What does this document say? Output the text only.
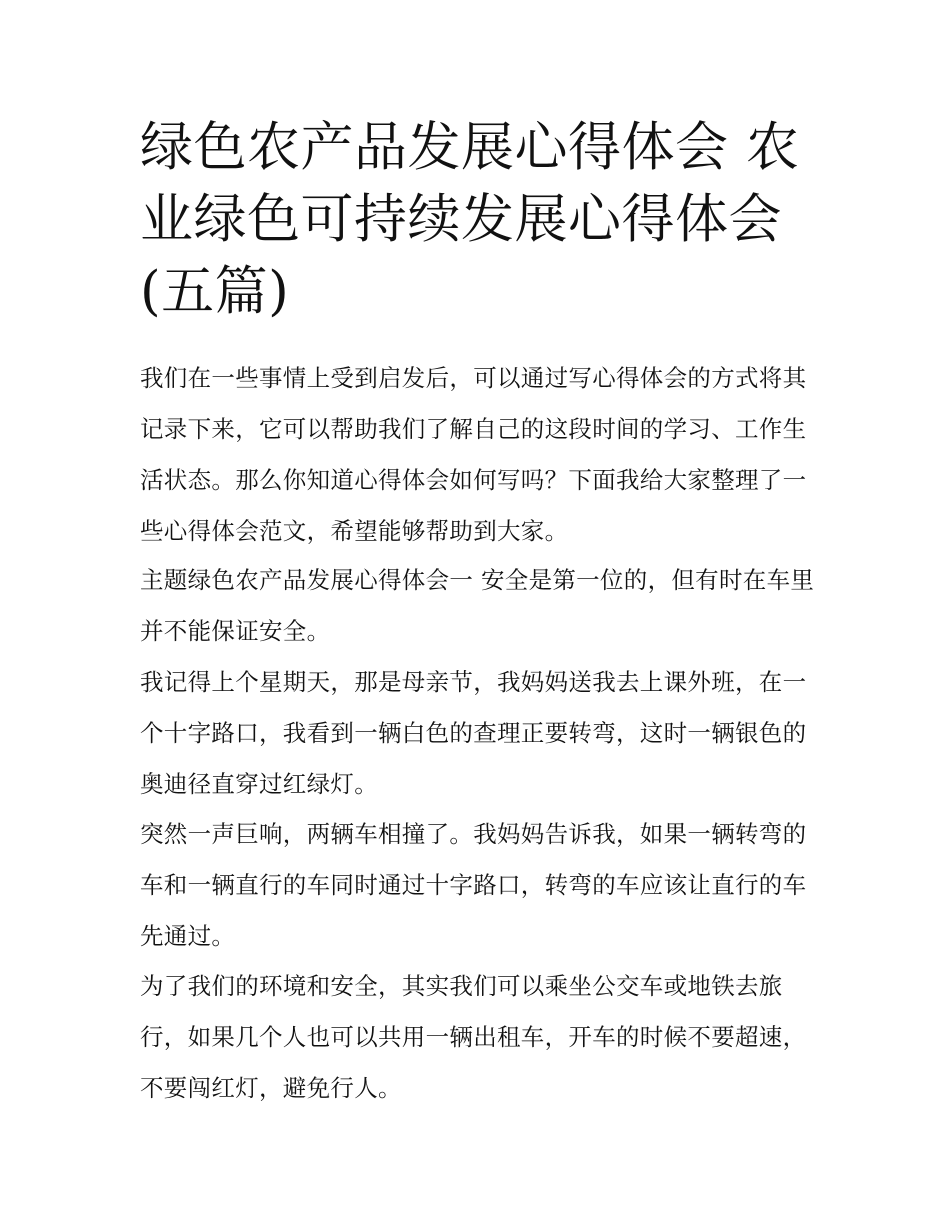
绿色农产品发展心得体会 农业绿色可持续发展心得体会(五篇)

我们在一些事情上受到启发后，可以通过写心得体会的方式将其记录下来，它可以帮助我们了解自己的这段时间的学习、工作生活状态。那么你知道心得体会如何写吗？下面我给大家整理了一些心得体会范文，希望能够帮助到大家。

主题绿色农产品发展心得体会一 安全是第一位的，但有时在车里并不能保证安全。

我记得上个星期天，那是母亲节，我妈妈送我去上课外班，在一个十字路口，我看到一辆白色的查理正要转弯，这时一辆银色的奥迪径直穿过红绿灯。

突然一声巨响，两辆车相撞了。我妈妈告诉我，如果一辆转弯的车和一辆直行的车同时通过十字路口，转弯的车应该让直行的车先通过。

为了我们的环境和安全，其实我们可以乘坐公交车或地铁去旅行，如果几个人也可以共用一辆出租车，开车的时候不要超速，不要闯红灯，避免行人。
